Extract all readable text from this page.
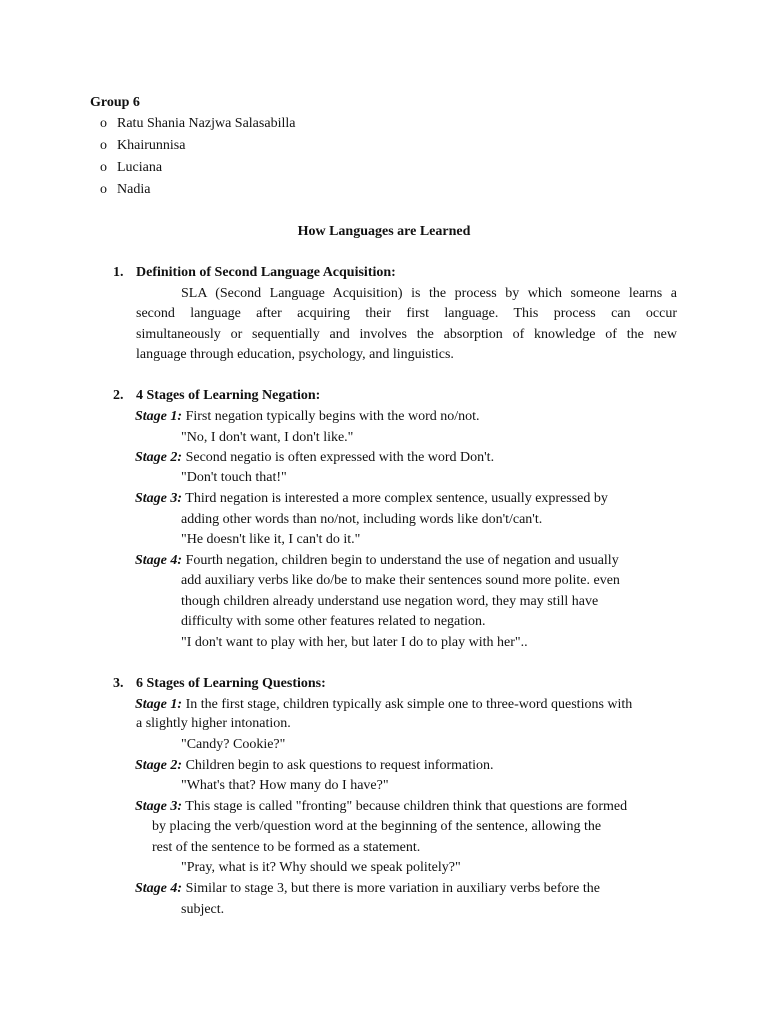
Group 6
o Ratu Shania Nazjwa Salasabilla
o Khairunnisa
o Luciana
o Nadia
How Languages are Learned
1. Definition of Second Language Acquisition:
SLA (Second Language Acquisition) is the process by which someone learns a
second language after acquiring their first language. This process can occur
simultaneously or sequentially and involves the absorption of knowledge of the new
language through education, psychology, and linguistics.
2. 4 Stages of Learning Negation:
Stage 1: First negation typically begins with the word no/not.
"No, I don't want, I don't like."
Stage 2: Second negatio is often expressed with the word Don't.
"Don't touch that!"
Stage 3: Third negation is interested a more complex sentence, usually expressed by
adding other words than no/not, including words like don't/can't.
"He doesn't like it, I can't do it."
Stage 4: Fourth negation, children begin to understand the use of negation and usually
add auxiliary verbs like do/be to make their sentences sound more polite. even
though children already understand use negation word, they may still have
difficulty with some other features related to negation.
"I don't want to play with her, but later I do to play with her"..
3. 6 Stages of Learning Questions:
Stage 1: In the first stage, children typically ask simple one to three-word questions with
a slightly higher intonation.
"Candy? Cookie?"
Stage 2: Children begin to ask questions to request information.
"What's that? How many do I have?"
Stage 3: This stage is called "fronting" because children think that questions are formed
by placing the verb/question word at the beginning of the sentence, allowing the
rest of the sentence to be formed as a statement.
"Pray, what is it? Why should we speak politely?"
Stage 4: Similar to stage 3, but there is more variation in auxiliary verbs before the
subject.
